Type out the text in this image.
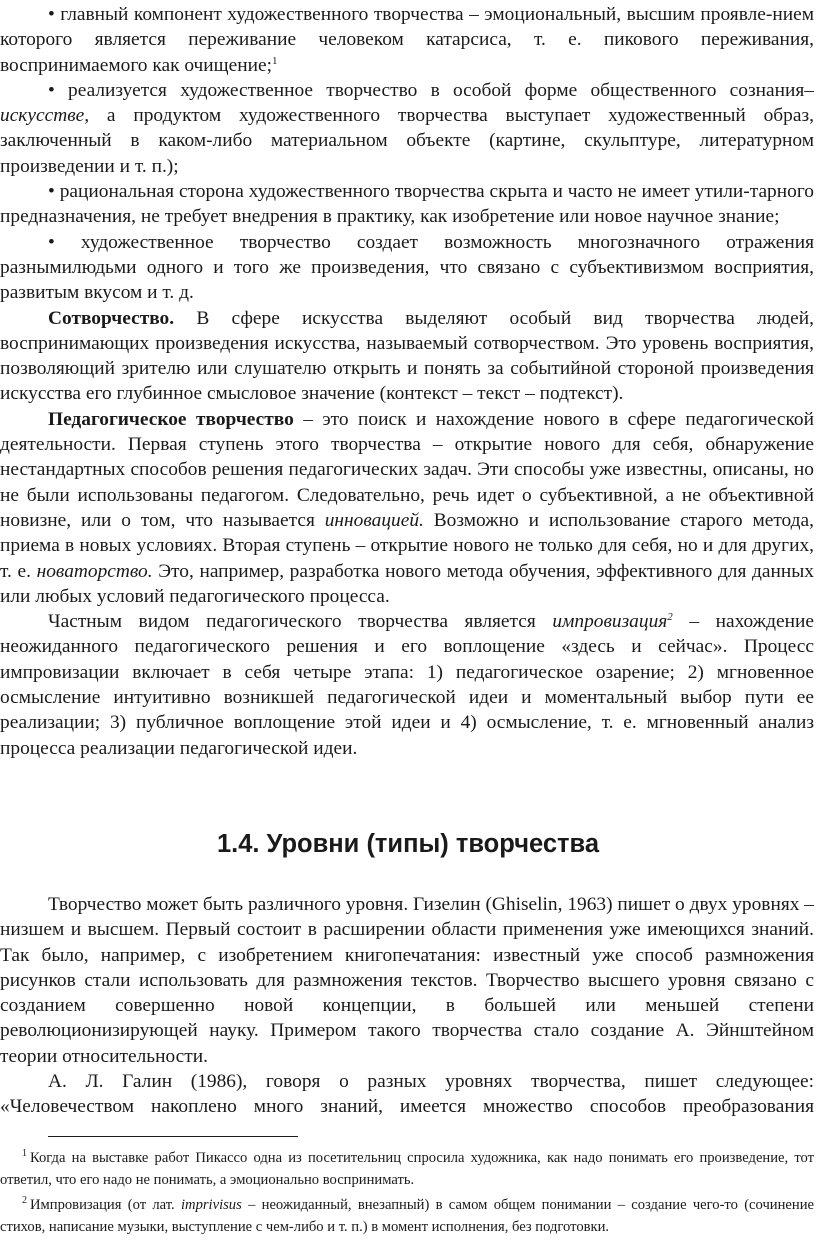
• главный компонент художественного творчества – эмоциональный, высшим проявле-нием которого является переживание человеком катарсиса, т. е. пикового переживания, воспринимаемого как очищение;$^1$

• реализуется художественное творчество в особой форме общественного сознания– искусстве, а продуктом художественного творчества выступает художественный образ, заключенный в каком-либо материальном объекте (картине, скульптуре, литературном произведении и т. п.);

• рациональная сторона художественного творчества скрыта и часто не имеет утили-тарного предназначения, не требует внедрения в практику, как изобретение или новое научное знание;

• художественное творчество создает возможность многозначного отражения разнымилюдьми одного и того же произведения, что связано с субъективизмом восприятия, развитым вкусом и т. д.

Сотворчество. В сфере искусства выделяют особый вид творчества людей, воспринимающих произведения искусства, называемый сотворчеством. Это уровень восприятия, позволяющий зрителю или слушателю открыть и понять за событийной стороной произведения искусства его глубинное смысловое значение (контекст – текст – подтекст).

Педагогическое творчество – это поиск и нахождение нового в сфере педагогической деятельности. Первая ступень этого творчества – открытие нового для себя, обнаружение нестандартных способов решения педагогических задач. Эти способы уже известны, описаны, но не были использованы педагогом. Следовательно, речь идет о субъективной, а не объективной новизне, или о том, что называется инновацией. Возможно и использование старого метода, приема в новых условиях. Вторая ступень – открытие нового не только для себя, но и для других, т. е. новаторство. Это, например, разработка нового метода обучения, эффективного для данных или любых условий педагогического процесса.

Частным видом педагогического творчества является импровизация$^2$ – нахождение неожиданного педагогического решения и его воплощение «здесь и сейчас». Процесс импровизации включает в себя четыре этапа: 1) педагогическое озарение; 2) мгновенное осмысление интуитивно возникшей педагогической идеи и моментальный выбор пути ее реализации; 3) публичное воплощение этой идеи и 4) осмысление, т. е. мгновенный анализ процесса реализации педагогической идеи.

1.4. Уровни (типы) творчества

Творчество может быть различного уровня. Гизелин (Ghiselin, 1963) пишет о двух уровнях – низшем и высшем. Первый состоит в расширении области применения уже имеющихся знаний. Так было, например, с изобретением книгопечатания: известный уже способ размножения рисунков стали использовать для размножения текстов. Творчество высшего уровня связано с созданием совершенно новой концепции, в большей или меньшей степени революционизирующей науку. Примером такого творчества стало создание А. Эйнштейном теории относительности.

А. Л. Галин (1986), говоря о разных уровнях творчества, пишет следующее: «Человечеством накоплено много знаний, имеется множество способов преобразования

$^1$ Когда на выставке работ Пикассо одна из посетительниц спросила художника, как надо понимать его произведение, тот ответил, что его надо не понимать, а эмоционально воспринимать.

$^2$ Импровизация (от лат. imprivisus – неожиданный, внезапный) в самом общем понимании – создание чего-то (сочинение стихов, написание музыки, выступление с чем-либо и т. п.) в момент исполнения, без подготовки.
